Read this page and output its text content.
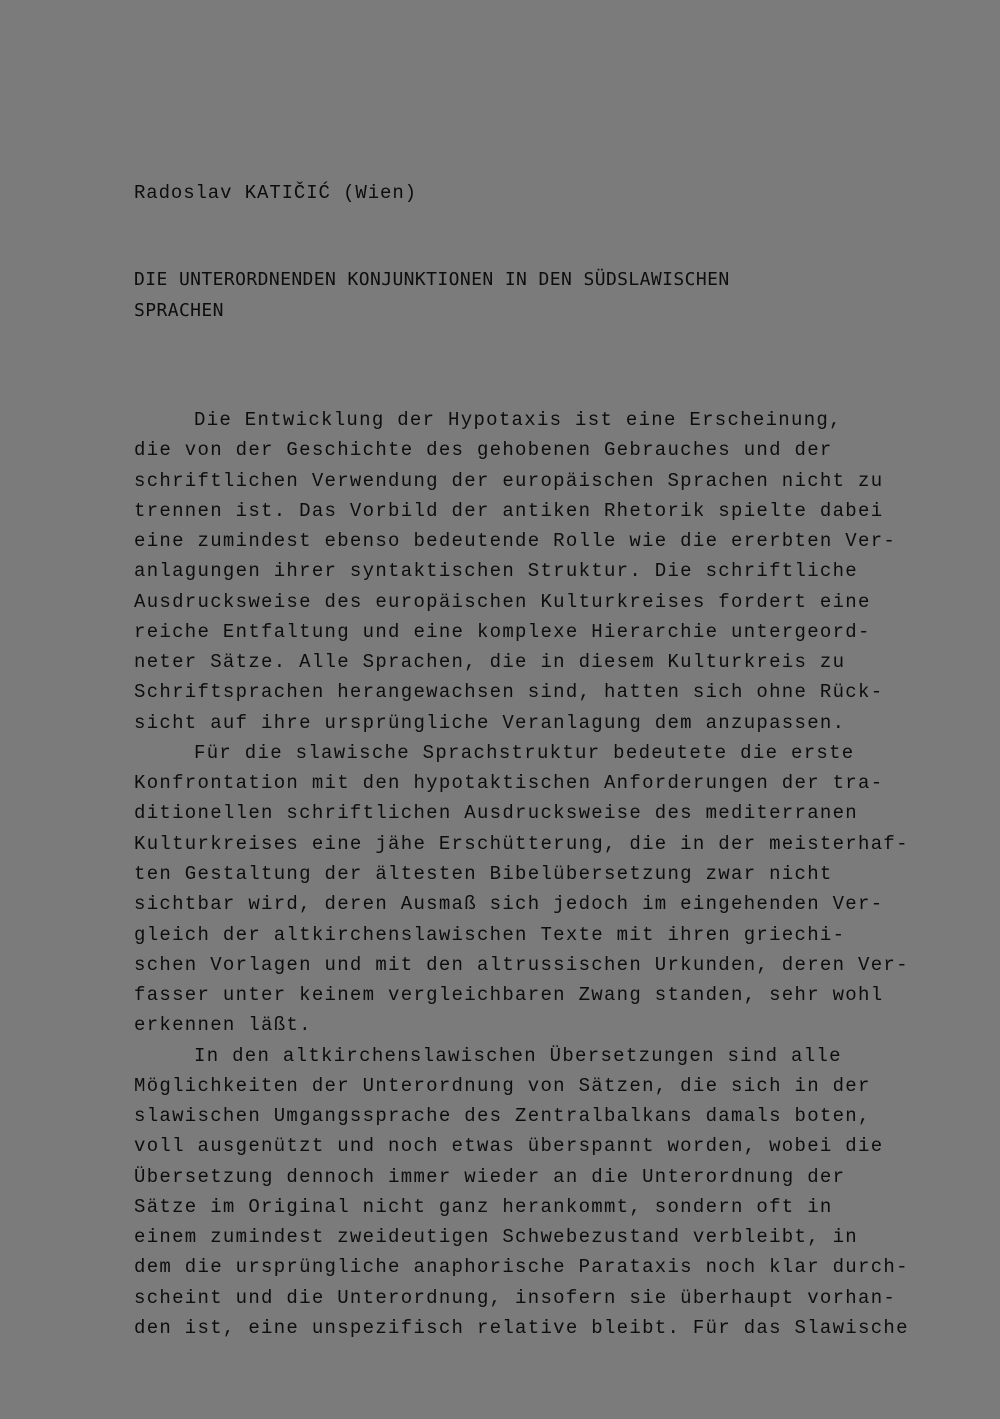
Radoslav KATIČIĆ (Wien)
DIE UNTERORDNENDEN KONJUNKTIONEN IN DEN SÜDSLAWISCHEN
SPRACHEN
Die Entwicklung der Hypotaxis ist eine Erscheinung,
die von der Geschichte des gehobenen Gebrauches und der
schriftlichen Verwendung der europäischen Sprachen nicht zu
trennen ist. Das Vorbild der antiken Rhetorik spielte dabei
eine zumindest ebenso bedeutende Rolle wie die ererbten Ver-
anlagungen ihrer syntaktischen Struktur. Die schriftliche
Ausdrucksweise des europäischen Kulturkreises fordert eine
reiche Entfaltung und eine komplexe Hierarchie untergeord-
neter Sätze. Alle Sprachen, die in diesem Kulturkreis zu
Schriftsprachen herangewachsen sind, hatten sich ohne Rück-
sicht auf ihre ursprüngliche Veranlagung dem anzupassen.
Für die slawische Sprachstruktur bedeutete die erste
Konfrontation mit den hypotaktischen Anforderungen der tra-
ditionellen schriftlichen Ausdrucksweise des mediterranen
Kulturkreises eine jähe Erschütterung, die in der meisterhaf-
ten Gestaltung der ältesten Bibelübersetzung zwar nicht
sichtbar wird, deren Ausmaß sich jedoch im eingehenden Ver-
gleich der altkirchenslawischen Texte mit ihren griechi-
schen Vorlagen und mit den altrussischen Urkunden, deren Ver-
fasser unter keinem vergleichbaren Zwang standen, sehr wohl
erkennen läßt.
In den altkirchenslawischen Übersetzungen sind alle
Möglichkeiten der Unterordnung von Sätzen, die sich in der
slawischen Umgangssprache des Zentralbalkans damals boten,
voll ausgenützt und noch etwas überspannt worden, wobei die
Übersetzung dennoch immer wieder an die Unterordnung der
Sätze im Original nicht ganz herankommt, sondern oft in
einem zumindest zweideutigen Schwebezustand verbleibt, in
dem die ursprüngliche anaphorische Parataxis noch klar durch-
scheint und die Unterordnung, insofern sie überhaupt vorhan-
den ist, eine unspezifisch relative bleibt. Für das Slawische
